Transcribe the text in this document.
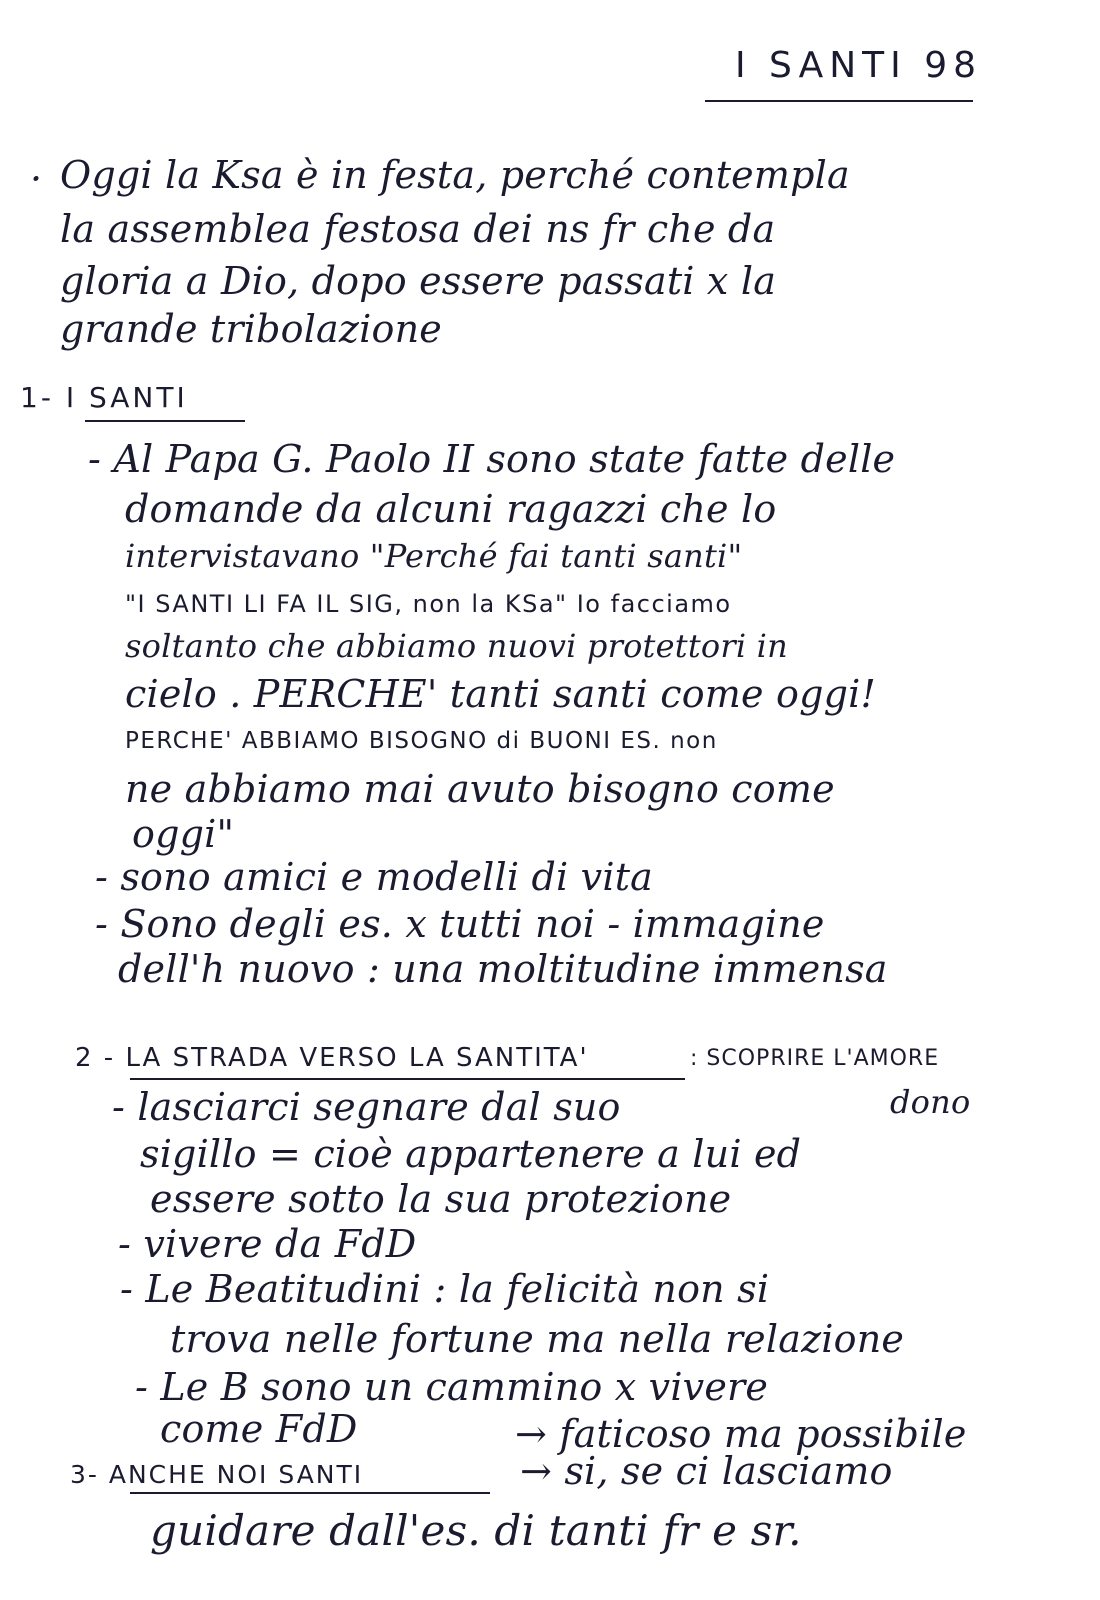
I SANTI 98
· Oggi la Ksa è in festa, perché contempla
la assemblea festosa dei ns fr che da
gloria a Dio, dopo essere passati x la
grande tribolazione
1- I SANTI
- Al Papa G. Paolo II sono state fatte delle
domande da alcuni ragazzi che lo
intervistavano "Perché fai tanti santi"
"I SANTI LI FA IL SIG, non la KSa" Io facciamo
soltanto che abbiamo nuovi protettori in
cielo . PERCHE' tanti santi come oggi!
PERCHE' ABBIAMO BISOGNO di BUONI ES. non
ne abbiamo mai avuto bisogno come
oggi"
- sono amici e modelli di vita
- Sono degli es. x tutti noi - immagine
dell'h nuovo : una moltitudine immensa
2 - LA STRADA VERSO LA SANTITA'	: SCOPRIRE L'AMORE
dono
- lasciarci segnare dal suo
sigillo = cioè appartenere a lui ed
essere sotto la sua protezione
- vivere da FdD
- Le Beatitudini : la felicità non si
trova nelle fortune ma nella relazione
- Le B sono un cammino x vivere
come FdD	→ faticoso ma possibile
3- ANCHE NOI SANTI	→ si, se ci lasciamo
guidare dall'es. di tanti fr e sr.
